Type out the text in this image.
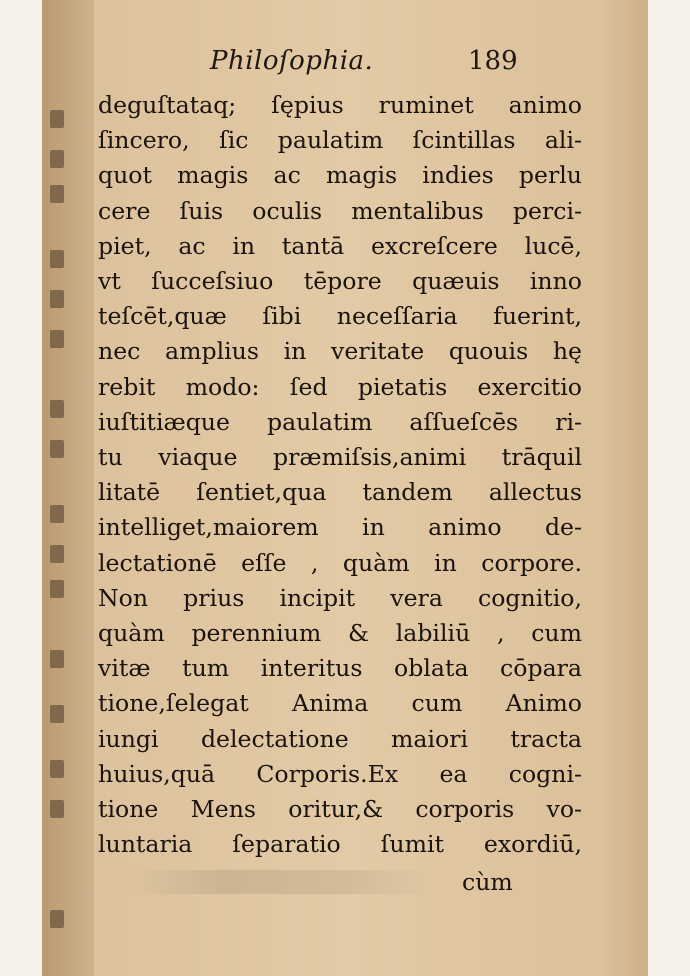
Philoſophia.	189
deguſtataq; ſępius ruminet animo
ſincero, ſic paulatim ſcintillas ali-
quot magis ac magis indies perlu
cere ſuis oculis mentalibus perci-
piet, ac in tantā excreſcere lucē,
vt ſucceſsiuo tēpore quæuis inno
teſcēt,quæ ſibi neceſſaria fuerint,
nec amplius in veritate quouis hę
rebit modo: ſed pietatis exercitio
iuſtitiæque paulatim aſſueſcēs ri-
tu viaque præmiſsis,animi trāquil
litatē ſentiet,qua tandem allectus
intelliget,maiorem in animo de-
lectationē eſſe , quàm in corpore.
Non prius incipit vera cognitio,
quàm perennium & labiliū , cum
vitæ tum interitus oblata cōpara
tione,ſelegat Anima cum Animo
iungi delectatione maiori tracta
huius,quā Corporis.Ex ea cogni-
tione Mens oritur,& corporis vo-
luntaria ſeparatio ſumit exordiū,
cùm
